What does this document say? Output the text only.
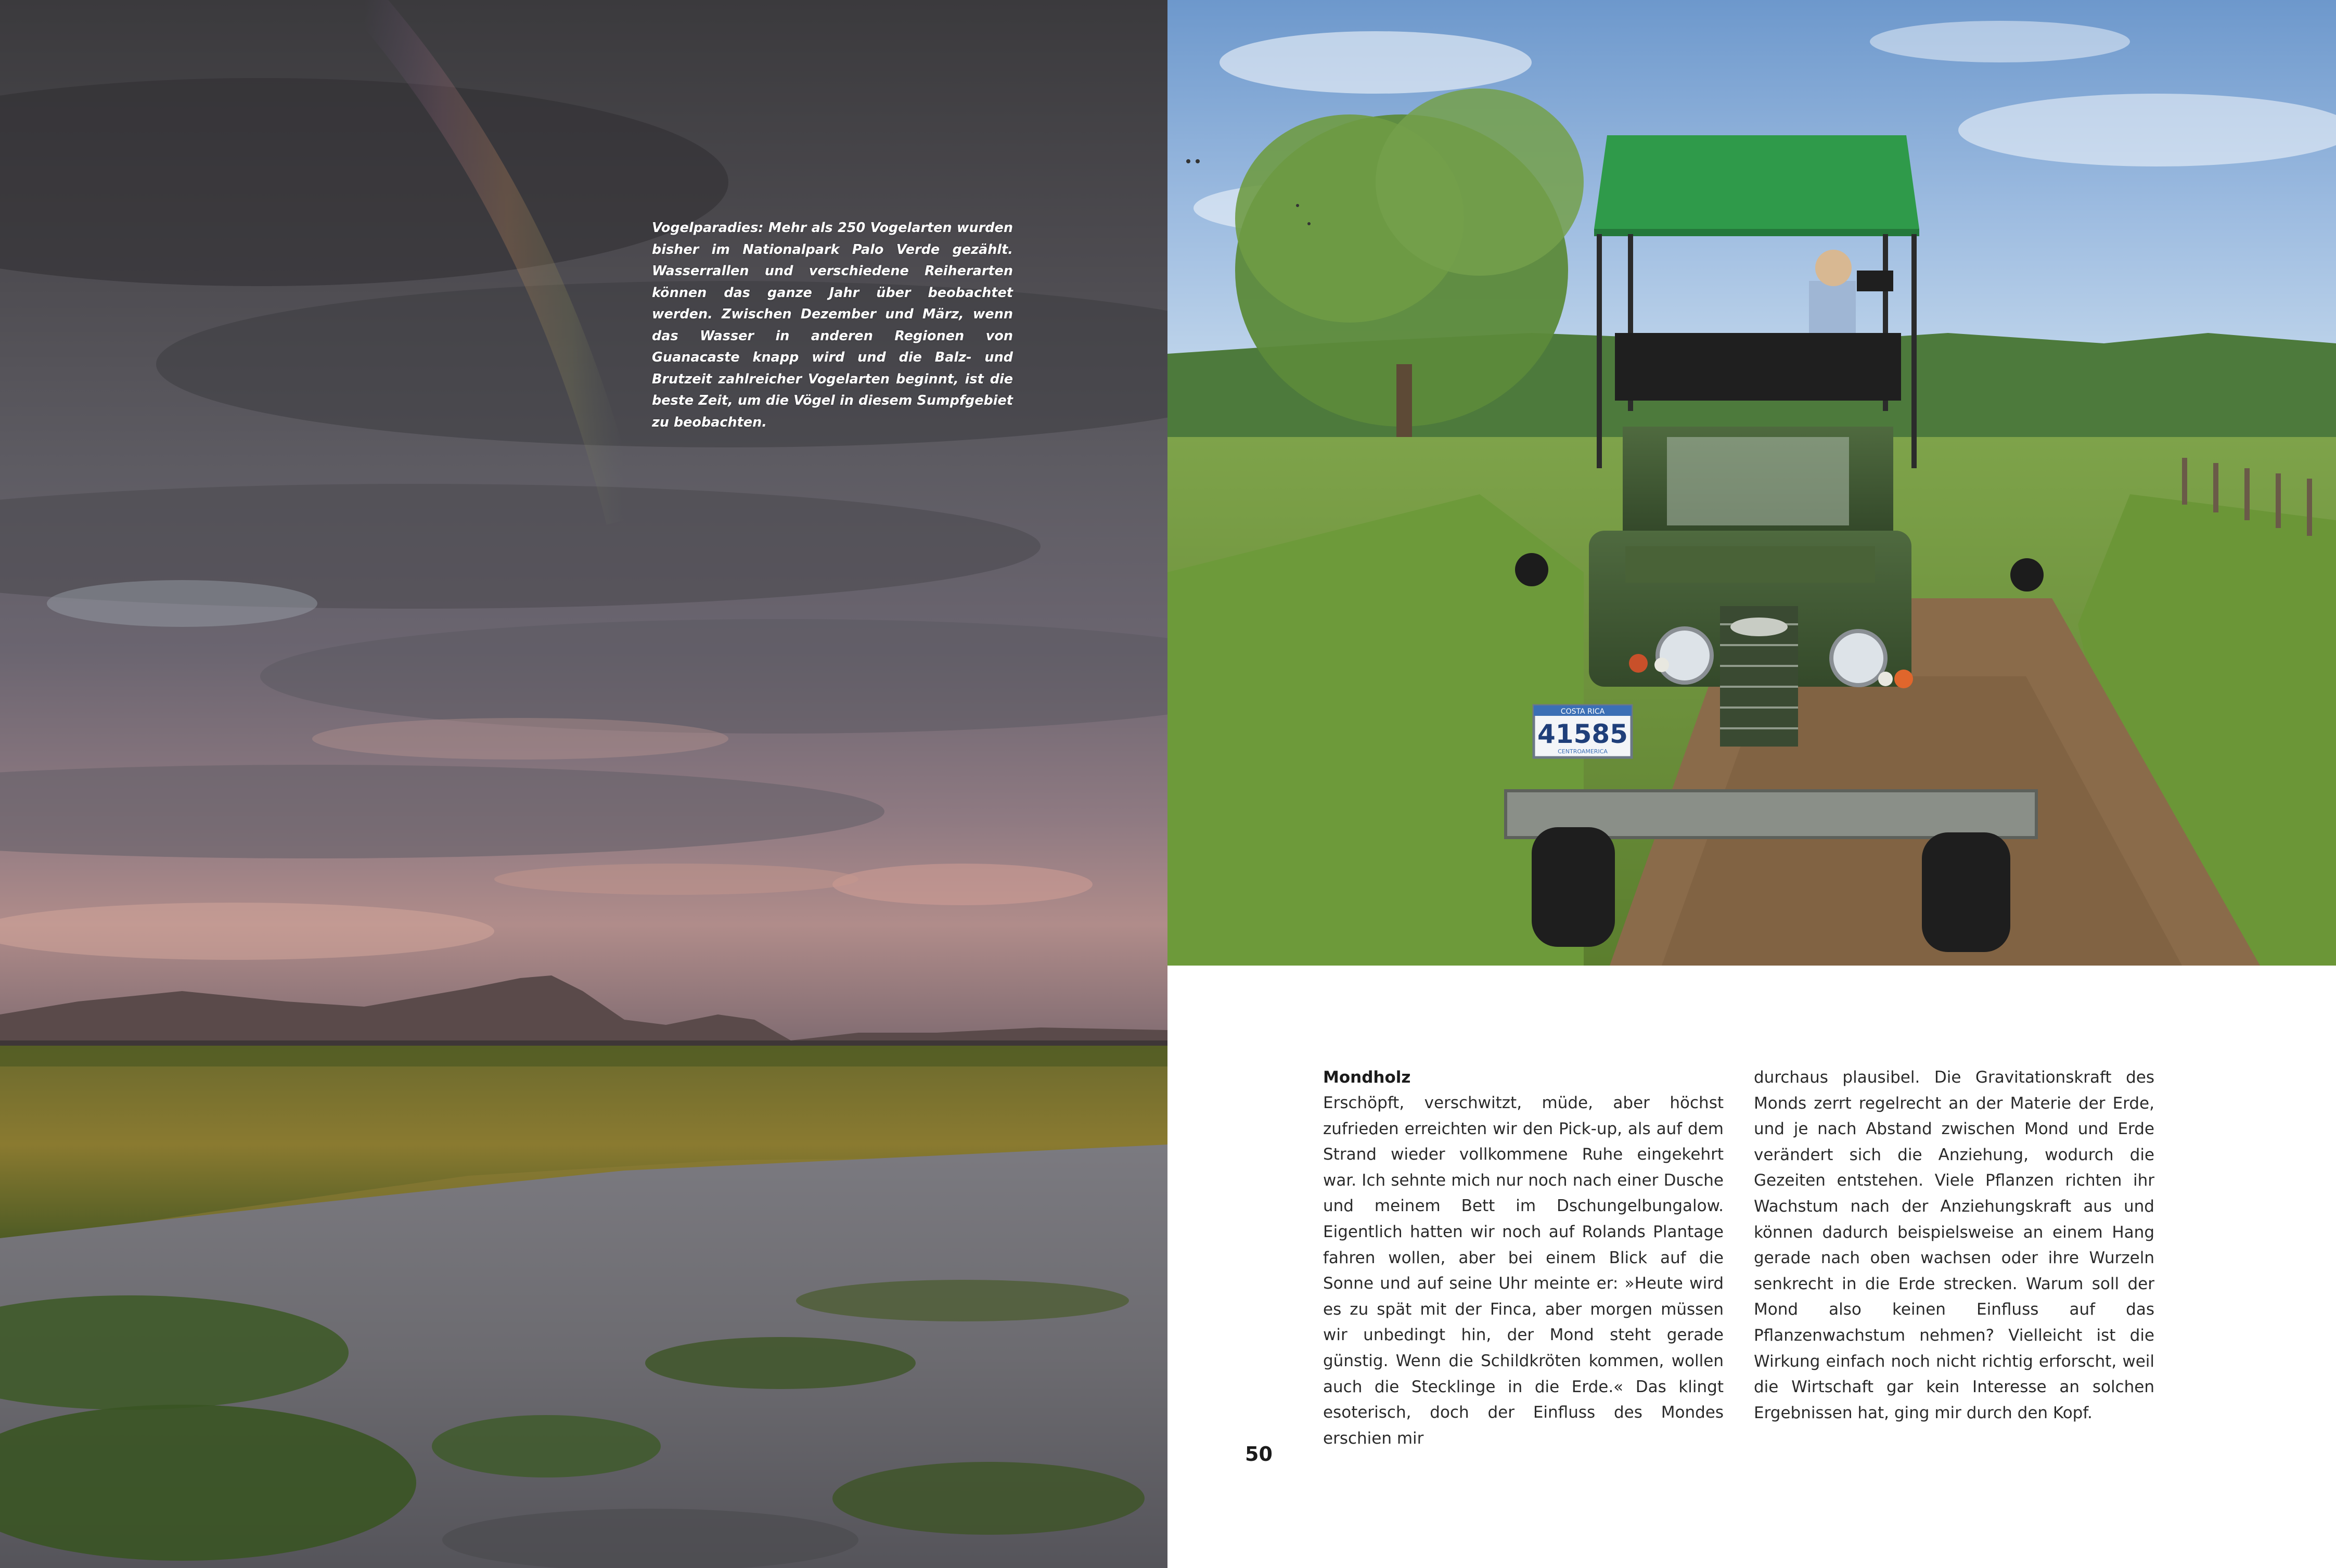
Vogelparadies: Mehr als 250 Vogelarten wurden bisher im Nationalpark Palo Verde gezählt. Wasserrallen und verschiedene Reiherarten können das ganze Jahr über beobachtet werden. Zwischen Dezember und März, wenn das Wasser in anderen Regionen von Guanacaste knapp wird und die Balz- und Brutzeit zahlreicher Vogelarten beginnt, ist die beste Zeit, um die Vögel in diesem Sumpfgebiet zu beobachten.
COSTA RICA
41585
CENTROAMERICA
Mondholz
Erschöpft, verschwitzt, müde, aber höchst zufrieden erreichten wir den Pick-up, als auf dem Strand wieder vollkommene Ruhe eingekehrt war. Ich sehnte mich nur noch nach einer Dusche und meinem Bett im Dschungelbungalow. Eigentlich hatten wir noch auf Rolands Plantage fahren wollen, aber bei einem Blick auf die Sonne und auf seine Uhr meinte er: »Heute wird es zu spät mit der Finca, aber morgen müssen wir unbedingt hin, der Mond steht gerade günstig. Wenn die Schildkröten kommen, wollen auch die Stecklinge in die Erde.« Das klingt esoterisch, doch der Einfluss des Mondes erschien mir
durchaus plausibel. Die Gravitationskraft des Monds zerrt regelrecht an der Materie der Erde, und je nach Abstand zwischen Mond und Erde verändert sich die Anziehung, wodurch die Gezeiten entstehen. Viele Pflanzen richten ihr Wachstum nach der Anziehungskraft aus und können dadurch beispielsweise an einem Hang gerade nach oben wachsen oder ihre Wurzeln senkrecht in die Erde strecken. Warum soll der Mond also keinen Einfluss auf das Pflanzenwachstum nehmen? Vielleicht ist die Wirkung einfach noch nicht richtig erforscht, weil die Wirtschaft gar kein Interesse an solchen Ergebnissen hat, ging mir durch den Kopf.
50
